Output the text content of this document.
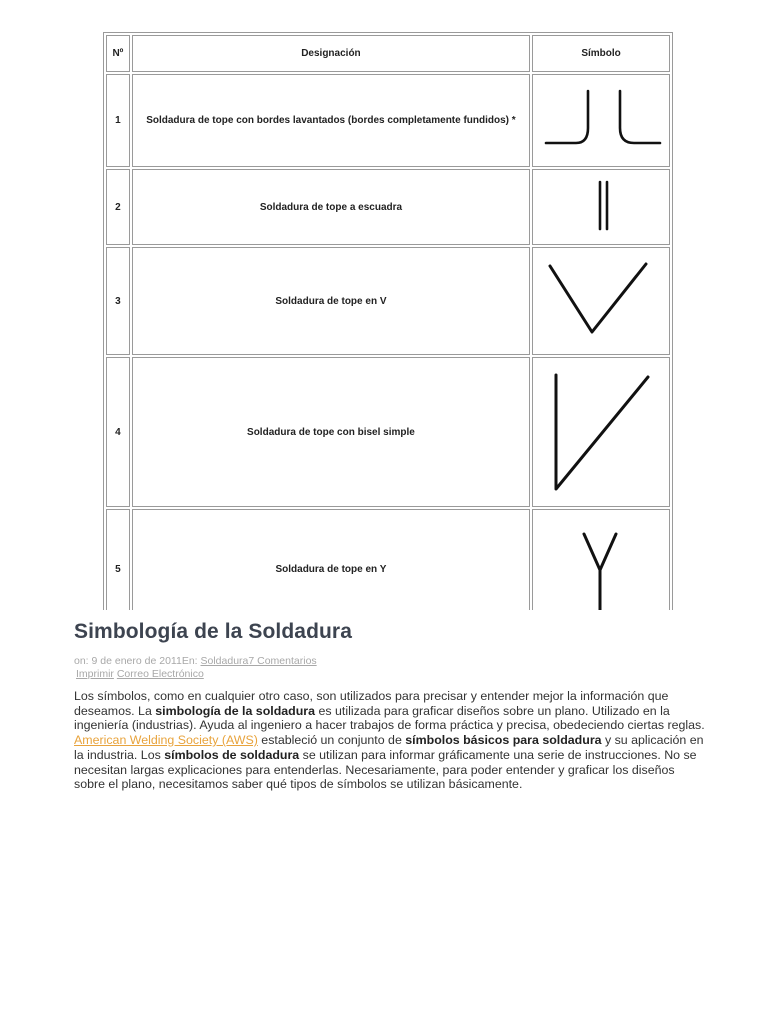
Nº	Designación	Símbolo
1	Soldadura de tope con bordes lavantados (bordes completamente fundidos) *	

2	Soldadura de tope a escuadra	

3	Soldadura de tope en V	

4	Soldadura de tope con bisel simple	

5	Soldadura de tope en Y	
Simbología de la Soldadura
on: 9 de enero de 2011En: Soldadura7 Comentarios
Imprimir Correo Electrónico

Los símbolos, como en cualquier otro caso, son utilizados para precisar y entender mejor la información que deseamos. La simbología de la soldadura es utilizada para graficar diseños sobre un plano. Utilizado en la ingeniería (industrias). Ayuda al ingeniero a hacer trabajos de forma práctica y precisa, obedeciendo ciertas reglas. American Welding Society (AWS) estableció un conjunto de símbolos básicos para soldadura y su aplicación en la industria. Los símbolos de soldadura se utilizan para informar gráficamente una serie de instrucciones. No se necesitan largas explicaciones para entenderlas. Necesariamente, para poder entender y graficar los diseños sobre el plano, necesitamos saber qué tipos de símbolos se utilizan básicamente.
